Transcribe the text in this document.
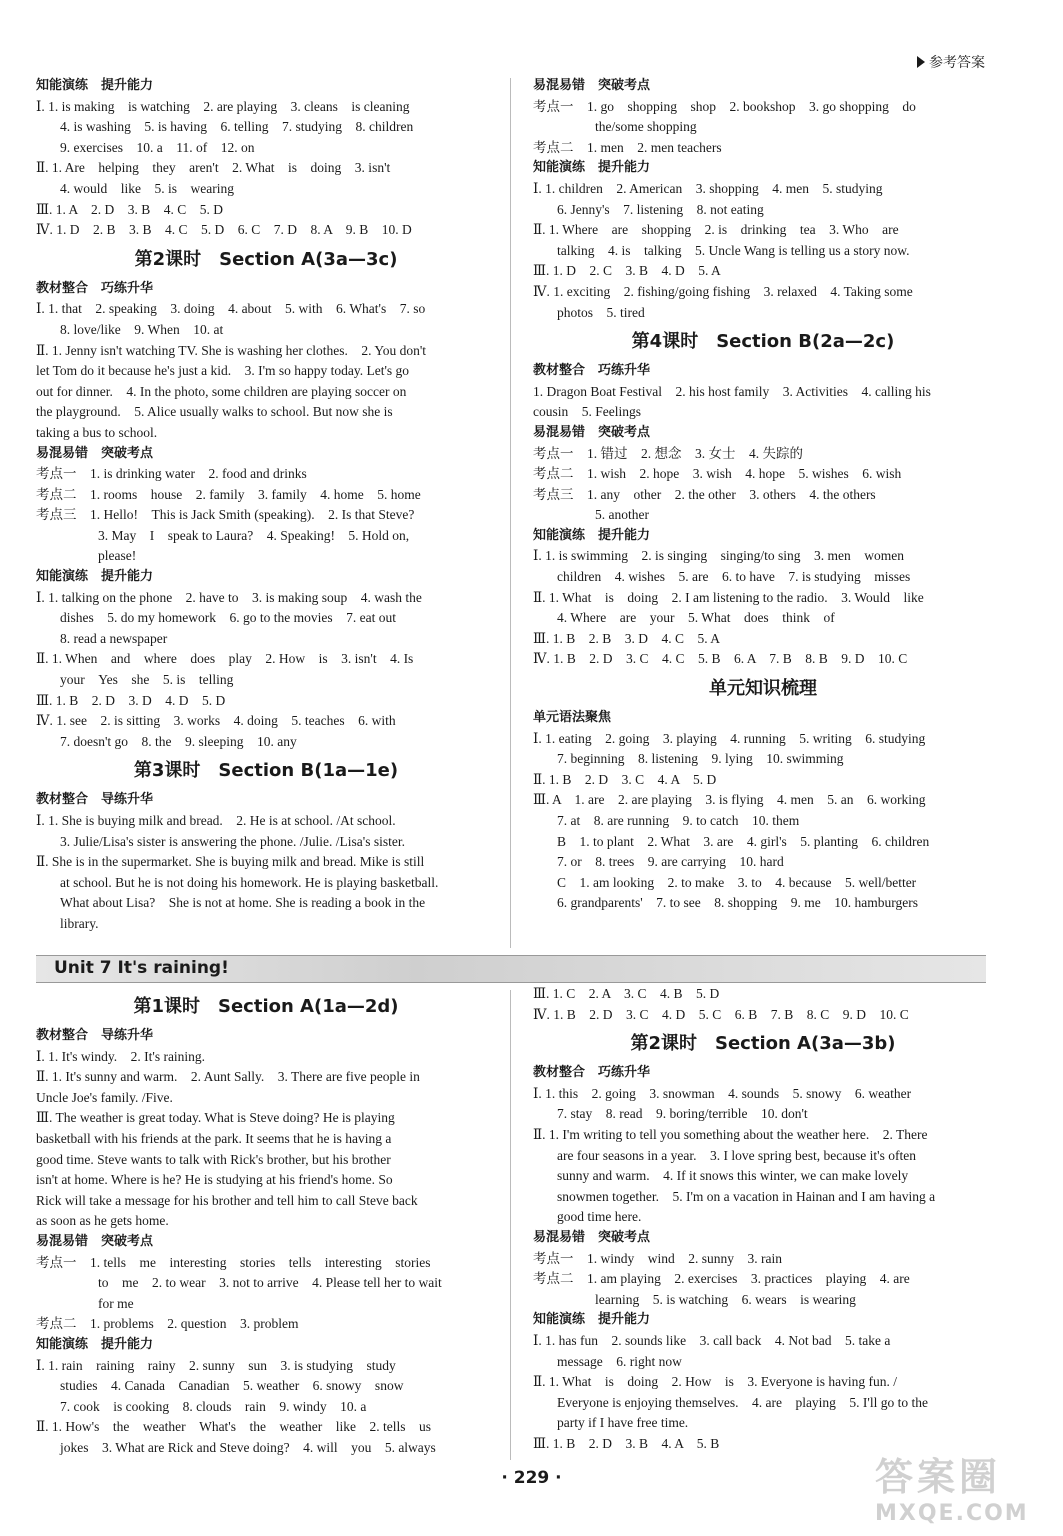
参考答案

知能演练　提升能力

Ⅰ. 1. is making　is watching　2. are playing　3. cleans　is cleaning

4. is washing　5. is having　6. telling　7. studying　8. children

9. exercises　10. a　11. of　12. on

Ⅱ. 1. Are　helping　they　aren't　2. What　is　doing　3. isn't

4. would　like　5. is　wearing

Ⅲ. 1. A　2. D　3. B　4. C　5. D

Ⅳ. 1. D　2. B　3. B　4. C　5. D　6. C　7. D　8. A　9. B　10. D

第2课时　Section A(3a—3c)

教材整合　巧练升华

Ⅰ. 1. that　2. speaking　3. doing　4. about　5. with　6. What's　7. so

8. love/like　9. When　10. at

Ⅱ. 1. Jenny isn't watching TV. She is washing her clothes.　2. You don't

let Tom do it because he's just a kid.　3. I'm so happy today. Let's go

out for dinner.　4. In the photo, some children are playing soccer on

the playground.　5. Alice usually walks to school. But now she is

taking a bus to school.

易混易错　突破考点

考点一　1. is drinking water　2. food and drinks

考点二　1. rooms　house　2. family　3. family　4. home　5. home

考点三　1. Hello!　This is Jack Smith (speaking).　2. Is that Steve?

3. May　I　speak to Laura?　4. Speaking!　5. Hold on,

please!

知能演练　提升能力

Ⅰ. 1. talking on the phone　2. have to　3. is making soup　4. wash the

dishes　5. do my homework　6. go to the movies　7. eat out

8. read a newspaper

Ⅱ. 1. When　and　where　does　play　2. How　is　3. isn't　4. Is

your　Yes　she　5. is　telling

Ⅲ. 1. B　2. D　3. D　4. D　5. D

Ⅳ. 1. see　2. is sitting　3. works　4. doing　5. teaches　6. with

7. doesn't go　8. the　9. sleeping　10. any

第3课时　Section B(1a—1e)

教材整合　导练升华

Ⅰ. 1. She is buying milk and bread.　2. He is at school. /At school.

3. Julie/Lisa's sister is answering the phone. /Julie. /Lisa's sister.

Ⅱ. She is in the supermarket. She is buying milk and bread. Mike is still

at school. But he is not doing his homework. He is playing basketball.

What about Lisa?　She is not at home. She is reading a book in the

library.

易混易错　突破考点

考点一　1. go　shopping　shop　2. bookshop　3. go shopping　do

the/some shopping

考点二　1. men　2. men teachers

知能演练　提升能力

Ⅰ. 1. children　2. American　3. shopping　4. men　5. studying

6. Jenny's　7. listening　8. not eating

Ⅱ. 1. Where　are　shopping　2. is　drinking　tea　3. Who　are

talking　4. is　talking　5. Uncle Wang is telling us a story now.

Ⅲ. 1. D　2. C　3. B　4. D　5. A

Ⅳ. 1. exciting　2. fishing/going fishing　3. relaxed　4. Taking some

photos　5. tired

第4课时　Section B(2a—2c)

教材整合　巧练升华

1. Dragon Boat Festival　2. his host family　3. Activities　4. calling his

cousin　5. Feelings

易混易错　突破考点

考点一　1. 错过　2. 想念　3. 女士　4. 失踪的

考点二　1. wish　2. hope　3. wish　4. hope　5. wishes　6. wish

考点三　1. any　other　2. the other　3. others　4. the others

5. another

知能演练　提升能力

Ⅰ. 1. is swimming　2. is singing　singing/to sing　3. men　women

children　4. wishes　5. are　6. to have　7. is studying　misses

Ⅱ. 1. What　is　doing　2. I am listening to the radio.　3. Would　like

4. Where　are　your　5. What　does　think　of

Ⅲ. 1. B　2. B　3. D　4. C　5. A

Ⅳ. 1. B　2. D　3. C　4. C　5. B　6. A　7. B　8. B　9. D　10. C

单元知识梳理

单元语法聚焦

Ⅰ. 1. eating　2. going　3. playing　4. running　5. writing　6. studying

7. beginning　8. listening　9. lying　10. swimming

Ⅱ. 1. B　2. D　3. C　4. A　5. D

Ⅲ. A　1. are　2. are playing　3. is flying　4. men　5. an　6. working

7. at　8. are running　9. to catch　10. them

B　1. to plant　2. What　3. are　4. girl's　5. planting　6. children

7. or　8. trees　9. are carrying　10. hard

C　1. am looking　2. to make　3. to　4. because　5. well/better

6. grandparents'　7. to see　8. shopping　9. me　10. hamburgers

Unit 7 It's raining!

第1课时　Section A(1a—2d)

教材整合　导练升华

Ⅰ. 1. It's windy.　2. It's raining.

Ⅱ. 1. It's sunny and warm.　2. Aunt Sally.　3. There are five people in

Uncle Joe's family. /Five.

Ⅲ. The weather is great today. What is Steve doing? He is playing

basketball with his friends at the park. It seems that he is having a

good time. Steve wants to talk with Rick's brother, but his brother

isn't at home. Where is he? He is studying at his friend's home. So

Rick will take a message for his brother and tell him to call Steve back

as soon as he gets home.

易混易错　突破考点

考点一　1. tells　me　interesting　stories　tells　interesting　stories

to　me　2. to wear　3. not to arrive　4. Please tell her to wait

for me

考点二　1. problems　2. question　3. problem

知能演练　提升能力

Ⅰ. 1. rain　raining　rainy　2. sunny　sun　3. is studying　study

studies　4. Canada　Canadian　5. weather　6. snowy　snow

7. cook　is cooking　8. clouds　rain　9. windy　10. a

Ⅱ. 1. How's　the　weather　What's　the　weather　like　2. tells　us

jokes　3. What are Rick and Steve doing?　4. will　you　5. always

Ⅲ. 1. C　2. A　3. C　4. B　5. D

Ⅳ. 1. B　2. D　3. C　4. D　5. C　6. B　7. B　8. C　9. D　10. C

第2课时　Section A(3a—3b)

教材整合　巧练升华

Ⅰ. 1. this　2. going　3. snowman　4. sounds　5. snowy　6. weather

7. stay　8. read　9. boring/terrible　10. don't

Ⅱ. 1. I'm writing to tell you something about the weather here.　2. There

are four seasons in a year.　3. I love spring best, because it's often

sunny and warm.　4. If it snows this winter, we can make lovely

snowmen together.　5. I'm on a vacation in Hainan and I am having a

good time here.

易混易错　突破考点

考点一　1. windy　wind　2. sunny　3. rain

考点二　1. am playing　2. exercises　3. practices　playing　4. are

learning　5. is watching　6. wears　is wearing

知能演练　提升能力

Ⅰ. 1. has fun　2. sounds like　3. call back　4. Not bad　5. take a

message　6. right now

Ⅱ. 1. What　is　doing　2. How　is　3. Everyone is having fun. /

Everyone is enjoying themselves.　4. are　playing　5. I'll go to the

party if I have free time.

Ⅲ. 1. B　2. D　3. B　4. A　5. B

· 229 ·	答案圈
MXQE.COM
